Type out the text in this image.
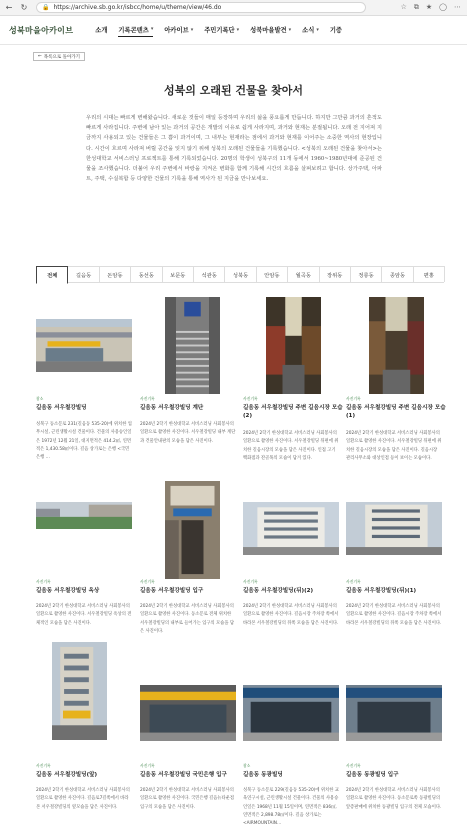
←	↻	🔒 https://archive.sb.go.kr/isbcc/home/u/theme/view/46.do	☆ ⧉ ★ ◯ ⋯
성북마을아카이브	소개 기록콘텐츠 ▾ 아카이브 ▾ 주민기록단 ▾ 성북마을발견 ▾ 소식 ▾ 기증
← 목록으로 돌아가기
성북의 오래된 건물을 찾아서
우리의 시대는 빠르게 변해왔습니다. 새로운 것들이 매일 등장하며 우리의 삶을 풍요롭게 만듭니다. 하지만 그만큼 과거의 흔적도 빠르게 사라집니다. 주변에 남아 있는 과거의 공간은 개발의 이유로 쉽게 사라지며, 과거와 현재는 분절됩니다. 오래 전 지어져 지금까지 사용되고 있는 건물들은 그 쁨이 과거이며, 그 내부는 현재라는 점에서 과거와 현재를 이어주는 소중한 역사의 현장입니다. 시간이 흐르며 사라져 버릴 공간을 잊지 않기 위해 성북의 오래된 건물들을 기록했습니다. <성북의 오래된 건물을 찾아서>는 한성대학교 서비스러닝 프로젝트를 통해 기록되었습니다. 20명의 학생이 성북구의 11개 동에서 1960~1980년대에 준공된 건물을 조사했습니다. 더불어 우리 주변에서 바랑을 지켜온 변화를 함께 기록해 시간의 흐름을 살펴보려고 합니다. 상가주택, 아파트, 주택, 수실복합 등 다양한 건물의 기록을 통해 역사가 된 지금을 만나보세요.
전체	길음동	돈암동	동선동	보문동	석관동	성북동	안암동	월곡동	장위동	정릉동	종암동	편홍
참소
길음동 서우철강빌딩
성북구 동소문로 231(길음동 535-20)에 위치한 업무시설, 근린생활시설 건물이다. 건물의 사용승인일은 1972년 12월 21일, 대지면적은 414.2㎡, 연면적은 1,430.58㎡이다. 길음 상가로는 은행 <국민은행 …
사진기록
길음동 서우철강빌딩 계단
2024년 2학기 한성대학교 서비스러닝 사회봉사의 일환으로 촬영한 사진이다. 서우철강빌딩 내부 계단과 건물안내판의 모습을 담은 사진이다.
사진기록
길음동 서우철강빌딩 주변 길음시장 모습(2)
2024년 2학기 한성대학교 서비스러닝 사회봉사의 일환으로 촬영한 사진이다. 서우철강빌딩 뒤편에 위치한 길음시장의 모습을 담은 사진이다. 인접 고기백화점과 잔골목의 모습이 담겨 있다.
사진기록
길음동 서우철강빌딩 주변 길음시장 모습(1)
2024년 2학기 한성대학교 서비스러닝 사회봉사의 일환으로 촬영한 사진이다. 서우철강빌딩 뒤편에 위치한 길음시장의 모습을 담은 사진이다. 길음시장 관리사무소와 대상인점 등이 보이는 모습이다.
사진기록
길음동 서우철강빌딩 옥상
2024년 2학기 한성대학교 서비스러닝 사회봉사의 일환으로 촬영한 사진이다. 서우철강빌딩 옥상의 전체적인 모습을 담은 사진이다.
사진기록
길음동 서우철강빌딩 입구
2024년 2학기 한성대학교 서비스러닝 사회봉사의 일환으로 촬영한 사진이다. 동소문로 전체 위치한 서우철강빌딩의 내부로 들어가는 입구의 모습을 담은 사진이다.
사진기록
길음동 서우철강빌딩(뒤)(2)
2024년 2학기 한성대학교 서비스러닝 사회봉사의 일환으로 촬영한 사진이다. 길음시장 주차장 쪽에서 바라본 서우철강빌딩의 뒤쪽 모습을 담은 사진이다.
사진기록
길음동 서우철강빌딩(뒤)(1)
2024년 2학기 한성대학교 서비스러닝 사회봉사의 일환으로 촬영한 사진이다. 길음시장 주차장 쪽에서 바라본 서우철강빌딩의 뒤쪽 모습을 담은 사진이다.
사진기록
길음동 서우철강빌딩(앞)
2024년 2학기 한성대학교 서비스러닝 사회봉사의 일환으로 촬영한 사진이다. 길음로7길쪽에서 바라본 서우철강빌딩의 옆모습을 담은 사진이다.
사진기록
길음동 서우철강빌딩 국민은행 입구
2024년 2학기 한성대학교 서비스러닝 사회봉사의 일환으로 촬영한 사진이다. 국민은행 길음뉴타운점 입구의 모습을 담은 사진이다.
참소
길음동 동광빌딩
성북구 동소문로 229(길음동 535-20)에 위치한 교육연구시설, 근린생활시설 건물이다. 건물의 사용승인일은 1968년 11월 15일이며, 연면적은 836㎡, 연면적은 2,898.78㎡이다. 길음 상가로는 <AIRMOUNTAIN…
사진기록
길음동 동광빌딩 입구
2024년 2학기 한성대학교 서비스러닝 사회봉사의 일환으로 촬영한 사진이다. 동소문로쪽 동광빌딩의 앞층판매에 위치한 동광빌딩 입구의 전체 모습이다.
